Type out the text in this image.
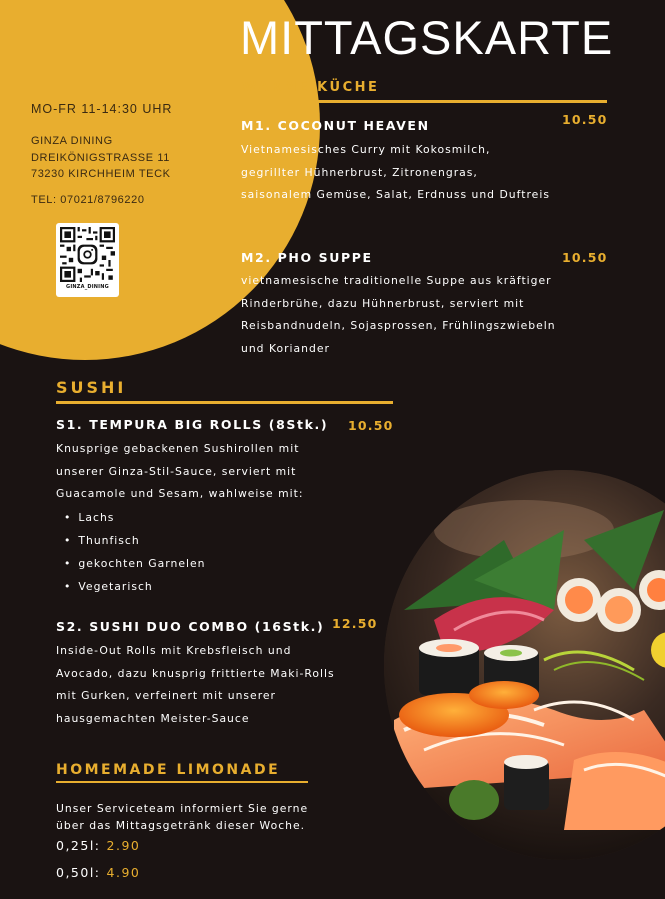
MO-FR 11-14:30 UHR
GINZA DINING
DREIKÖNIGSTRASSE 11
73230 KIRCHHEIM TECK
TEL: 07021/8796220
GINZA_DINING
MITTAGSKARTE
WARME KÜCHE
M1. COCONUT HEAVEN	10.50
Vietnamesisches Curry mit Kokosmilch,
gegrillter Hühnerbrust, Zitronengras,
saisonalem Gemüse, Salat, Erdnuss und Duftreis
M2. PHO SUPPE	10.50
vietnamesische traditionelle Suppe aus kräftiger
Rinderbrühe, dazu Hühnerbrust, serviert mit
Reisbandnudeln, Sojasprossen, Frühlingszwiebeln
und Koriander
SUSHI
S1. TEMPURA BIG ROLLS (8Stk.) 10.50
Knusprige gebackenen Sushirollen mit
unserer Ginza-Stil-Sauce, serviert mit
Guacamole und Sesam, wahlweise mit:
• Lachs
• Thunfisch
• gekochten Garnelen
• Vegetarisch
S2. SUSHI DUO COMBO (16Stk.) 12.50
Inside-Out Rolls mit Krebsfleisch und
Avocado, dazu knusprig frittierte Maki-Rolls
mit Gurken, verfeinert mit unserer
hausgemachten Meister-Sauce
HOMEMADE LIMONADE
Unser Serviceteam informiert Sie gerne
über das Mittagsgetränk dieser Woche.
0,25l: 2.90
0,50l: 4.90
